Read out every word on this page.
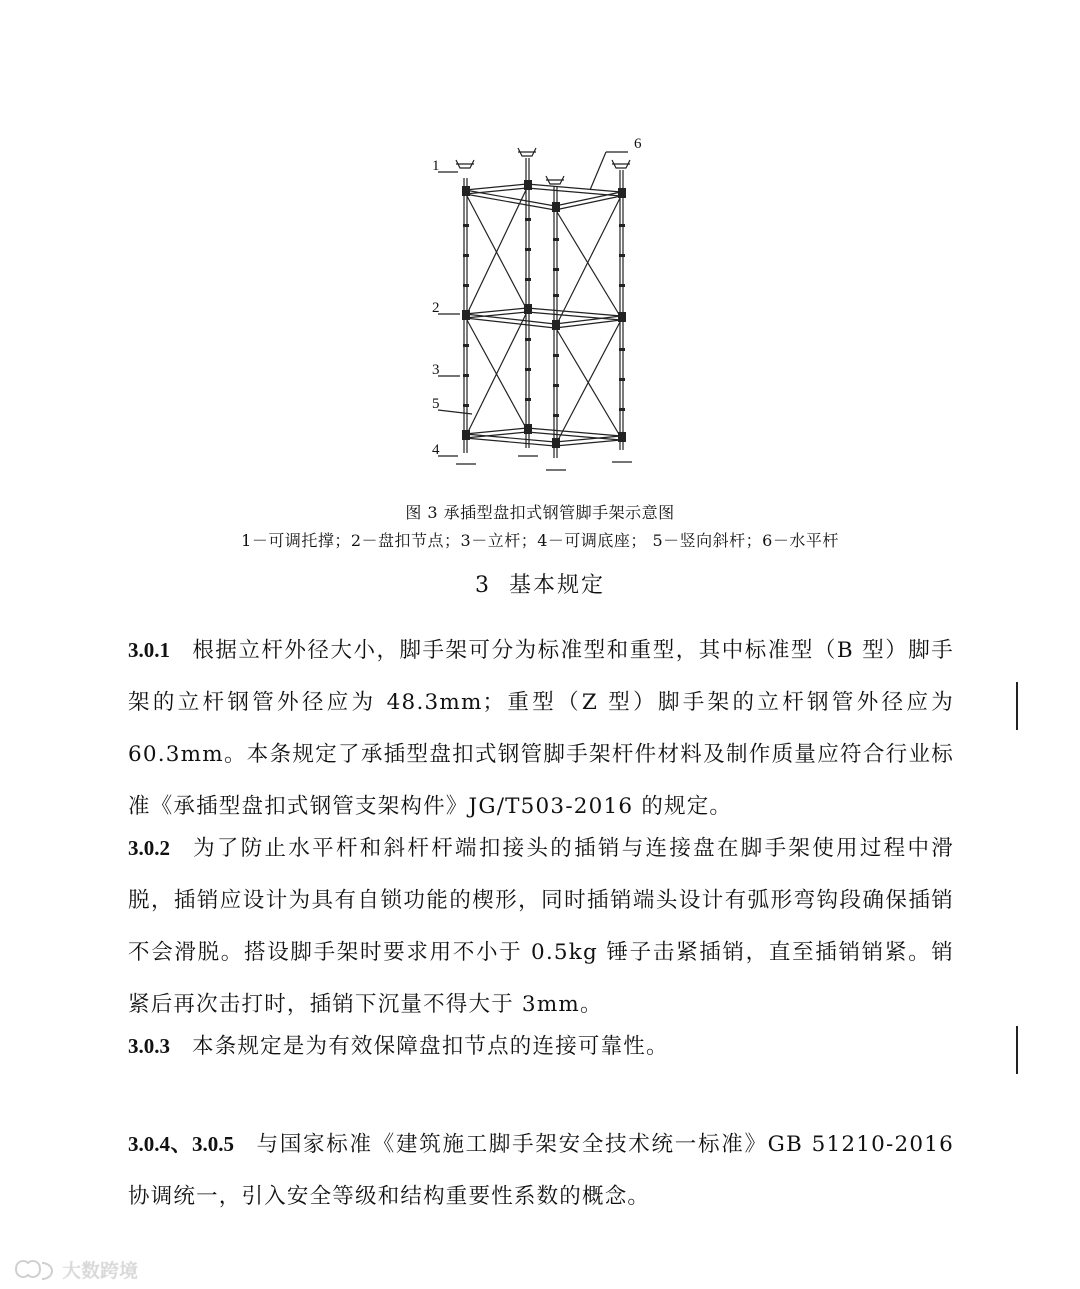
1
2
3
5
4
6
图 3 承插型盘扣式钢管脚手架示意图
1－可调托撑；2－盘扣节点；3－立杆；4－可调底座； 5－竖向斜杆；6－水平杆
3 基本规定
3.0.1 根据立杆外径大小，脚手架可分为标准型和重型，其中标准型（B 型）脚手架的立杆钢管外径应为 48.3mm；重型（Z 型）脚手架的立杆钢管外径应为 60.3mm。本条规定了承插型盘扣式钢管脚手架杆件材料及制作质量应符合行业标准《承插型盘扣式钢管支架构件》JG/T503-2016 的规定。
3.0.2 为了防止水平杆和斜杆杆端扣接头的插销与连接盘在脚手架使用过程中滑脱，插销应设计为具有自锁功能的楔形，同时插销端头设计有弧形弯钩段确保插销不会滑脱。搭设脚手架时要求用不小于 0.5kg 锤子击紧插销，直至插销销紧。销紧后再次击打时，插销下沉量不得大于 3mm。
3.0.3 本条规定是为有效保障盘扣节点的连接可靠性。
3.0.4、3.0.5 与国家标准《建筑施工脚手架安全技术统一标准》GB 51210-2016 协调统一，引入安全等级和结构重要性系数的概念。
大数跨境
